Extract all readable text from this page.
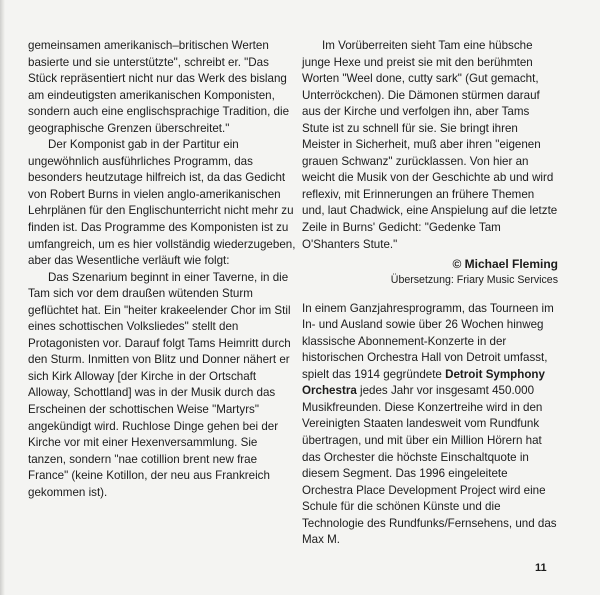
gemeinsamen amerikanisch–britischen Werten basierte und sie unterstützte", schreibt er. "Das Stück repräsentiert nicht nur das Werk des bislang am eindeutigsten amerikanischen Komponisten, sondern auch eine englischsprachige Tradition, die geographische Grenzen überschreitet."

Der Komponist gab in der Partitur ein ungewöhnlich ausführliches Programm, das besonders heutzutage hilfreich ist, da das Gedicht von Robert Burns in vielen anglo-amerikanischen Lehrplänen für den Englischunterricht nicht mehr zu finden ist. Das Programme des Komponisten ist zu umfangreich, um es hier vollständig wiederzugeben, aber das Wesentliche verläuft wie folgt:

Das Szenarium beginnt in einer Taverne, in die Tam sich vor dem draußen wütenden Sturm geflüchtet hat. Ein "heiter krakeelender Chor im Stil eines schottischen Volksliedes" stellt den Protagonisten vor. Darauf folgt Tams Heimritt durch den Sturm. Inmitten von Blitz und Donner nähert er sich Kirk Alloway [der Kirche in der Ortschaft Alloway, Schottland] was in der Musik durch das Erscheinen der schottischen Weise "Martyrs" angekündigt wird. Ruchlose Dinge gehen bei der Kirche vor mit einer Hexenversammlung. Sie tanzen, sondern "nae cotillion brent new frae France" (keine Kotillon, der neu aus Frankreich gekommen ist).

Im Vorüberreiten sieht Tam eine hübsche junge Hexe und preist sie mit den berühmten Worten "Weel done, cutty sark" (Gut gemacht, Unterröckchen). Die Dämonen stürmen darauf aus der Kirche und verfolgen ihn, aber Tams Stute ist zu schnell für sie. Sie bringt ihren Meister in Sicherheit, muß aber ihren "eigenen grauen Schwanz" zurücklassen. Von hier an weicht die Musik von der Geschichte ab und wird reflexiv, mit Erinnerungen an frühere Themen und, laut Chadwick, eine Anspielung auf die letzte Zeile in Burns' Gedicht: "Gedenke Tam O'Shanters Stute."

© Michael Fleming

Übersetzung: Friary Music Services

In einem Ganzjahresprogramm, das Tourneen im In- und Ausland sowie über 26 Wochen hinweg klassische Abonnement-Konzerte in der historischen Orchestra Hall von Detroit umfasst, spielt das 1914 gegründete Detroit Symphony Orchestra jedes Jahr vor insgesamt 450.000 Musikfreunden. Diese Konzertreihe wird in den Vereinigten Staaten landesweit vom Rundfunk übertragen, und mit über ein Million Hörern hat das Orchester die höchste Einschaltquote in diesem Segment. Das 1996 eingeleitete Orchestra Place Development Project wird eine Schule für die schönen Künste und die Technologie des Rundfunks/Fernsehens, und das Max M.

11
